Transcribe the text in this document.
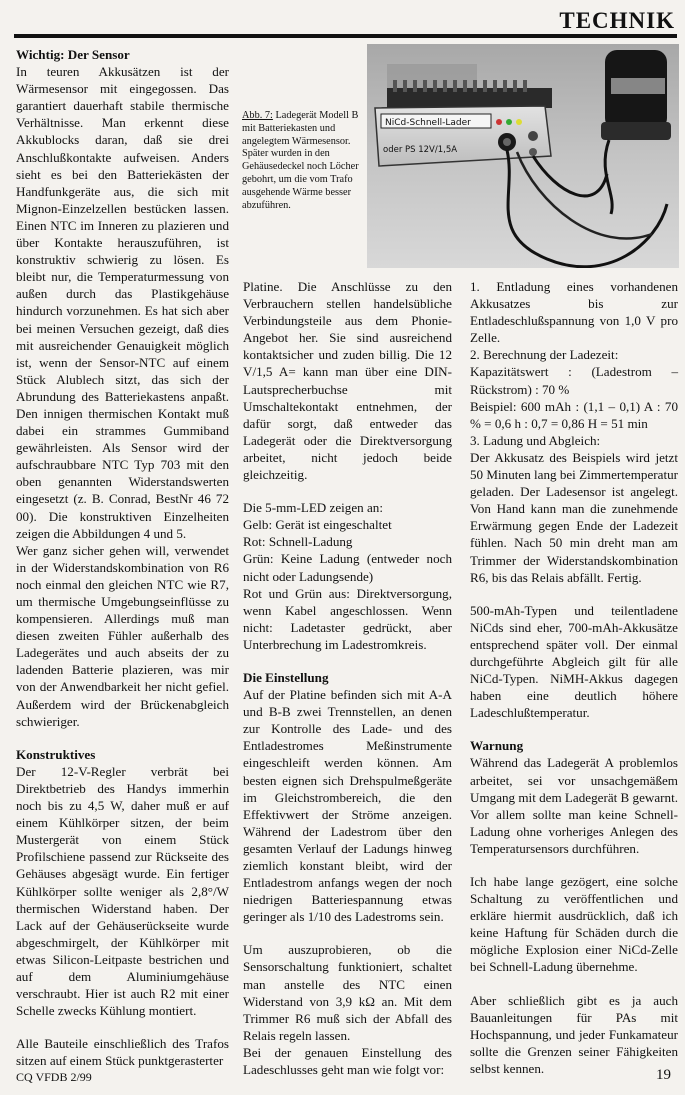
TECHNIK
NiCd-Schnell-Lader
oder PS 12V/1,5A
Abb. 7: Ladegerät Modell B mit Batteriekasten und angelegtem Wärmesensor. Später wurden in den Gehäusedeckel noch Löcher gebohrt, um die vom Trafo ausgehende Wärme besser abzuführen.
Wichtig: Der Sensor

In teuren Akkusätzen ist der Wärmesensor mit eingegossen. Das garantiert dauerhaft stabile thermische Verhältnisse. Man erkennt diese Akkublocks daran, daß sie drei Anschlußkontakte aufweisen. Anders sieht es bei den Batteriekästen der Handfunkgeräte aus, die sich mit Mignon-Einzelzellen bestücken lassen. Einen NTC im Inneren zu plazieren und über Kontakte herauszuführen, ist konstruktiv schwierig zu lösen. Es bleibt nur, die Temperaturmessung von außen durch das Plastikgehäuse hindurch vorzunehmen. Es hat sich aber bei meinen Versuchen gezeigt, daß dies mit ausreichender Genauigkeit möglich ist, wenn der Sensor-NTC auf einem Stück Alublech sitzt, das sich der Abrundung des Batteriekastens anpaßt. Den innigen thermischen Kontakt muß dabei ein strammes Gummiband gewährleisten. Als Sensor wird der aufschraubbare NTC Typ 703 mit den oben genannten Widerstandswerten eingesetzt (z. B. Conrad, BestNr 46 72 00). Die konstruktiven Einzelheiten zeigen die Abbildungen 4 und 5.

Wer ganz sicher gehen will, verwendet in der Widerstandskombination von R6 noch einmal den gleichen NTC wie R7, um thermische Umgebungseinflüsse zu kompensieren. Allerdings muß man diesen zweiten Fühler außerhalb des Ladegerätes und auch abseits der zu ladenden Batterie plazieren, was mir von der Anwendbarkeit her nicht gefiel. Außerdem wird der Brückenabgleich schwieriger.

Konstruktives

Der 12-V-Regler verbrät bei Direktbetrieb des Handys immerhin noch bis zu 4,5 W, daher muß er auf einem Kühlkörper sitzen, der beim Mustergerät von einem Stück Profilschiene passend zur Rückseite des Gehäuses abgesägt wurde. Ein fertiger Kühlkörper sollte weniger als 2,8°/W thermischen Widerstand haben. Der Lack auf der Gehäuserückseite wurde abgeschmirgelt, der Kühlkörper mit etwas Silicon-Leitpaste bestrichen und auf dem Aluminiumgehäuse verschraubt. Hier ist auch R2 mit einer Schelle zwecks Kühlung montiert.

Alle Bauteile einschließlich des Trafos sitzen auf einem Stück punktgerasterter

Platine. Die Anschlüsse zu den Verbrauchern stellen handelsübliche Verbindungsteile aus dem Phonie-Angebot her. Sie sind ausreichend kontaktsicher und zuden billig. Die 12 V/1,5 A= kann man über eine DIN-Lautsprecherbuchse mit Umschaltekontakt entnehmen, der dafür sorgt, daß entweder das Ladegerät oder die Direktversorgung arbeitet, nicht jedoch beide gleichzeitig.

Die 5-mm-LED zeigen an:
Gelb: Gerät ist eingeschaltet
Rot: Schnell-Ladung

Grün: Keine Ladung (entweder noch nicht oder Ladungsende)

Rot und Grün aus: Direktversorgung, wenn Kabel angeschlossen. Wenn nicht: Ladetaster gedrückt, aber Unterbrechung im Ladestromkreis.

Die Einstellung

Auf der Platine befinden sich mit A-A und B-B zwei Trennstellen, an denen zur Kontrolle des Lade- und des Entladestromes Meßinstrumente eingeschleift werden können. Am besten eignen sich Drehspulmeßgeräte im Gleichstrombereich, die den Effektivwert der Ströme anzeigen. Während der Ladestrom über den gesamten Verlauf der Ladungs hinweg ziemlich konstant bleibt, wird der Entladestrom anfangs wegen der noch niedrigen Batteriespannung etwas geringer als 1/10 des Ladestroms sein.

Um auszuprobieren, ob die Sensorschaltung funktioniert, schaltet man anstelle des NTC einen Widerstand von 3,9 kΩ an. Mit dem Trimmer R6 muß sich der Abfall des Relais regeln lassen.

Bei der genauen Einstellung des Ladeschlusses geht man wie folgt vor:

1. Entladung eines vorhandenen Akkusatzes bis zur Entladeschlußspannung von 1,0 V pro Zelle.

2. Berechnung der Ladezeit:

Kapazitätswert : (Ladestrom – Rückstrom) : 70 %

Beispiel: 600 mAh : (1,1 – 0,1) A : 70 % = 0,6 h : 0,7 = 0,86 H = 51 min

3. Ladung und Abgleich:

Der Akkusatz des Beispiels wird jetzt 50 Minuten lang bei Zimmertemperatur geladen. Der Ladesensor ist angelegt. Von Hand kann man die zunehmende Erwärmung gegen Ende der Ladezeit fühlen. Nach 50 min dreht man am Trimmer der Widerstandskombination R6, bis das Relais abfällt. Fertig.

500-mAh-Typen und teilentladene NiCds sind eher, 700-mAh-Akkusätze entsprechend später voll. Der einmal durchgeführte Abgleich gilt für alle NiCd-Typen. NiMH-Akkus dagegen haben eine deutlich höhere Ladeschlußtemperatur.

Warnung

Während das Ladegerät A problemlos arbeitet, sei vor unsachgemäßem Umgang mit dem Ladegerät B gewarnt. Vor allem sollte man keine Schnell-Ladung ohne vorheriges Anlegen des Temperatursensors durchführen.

Ich habe lange gezögert, eine solche Schaltung zu veröffentlichen und erkläre hiermit ausdrücklich, daß ich keine Haftung für Schäden durch die mögliche Explosion einer NiCd-Zelle bei Schnell-Ladung übernehme.

Aber schließlich gibt es ja auch Bauanleitungen für PAs mit Hochspannung, und jeder Funkamateur sollte die Grenzen seiner Fähigkeiten selbst kennen.

CQ VFDB 2/99	19
